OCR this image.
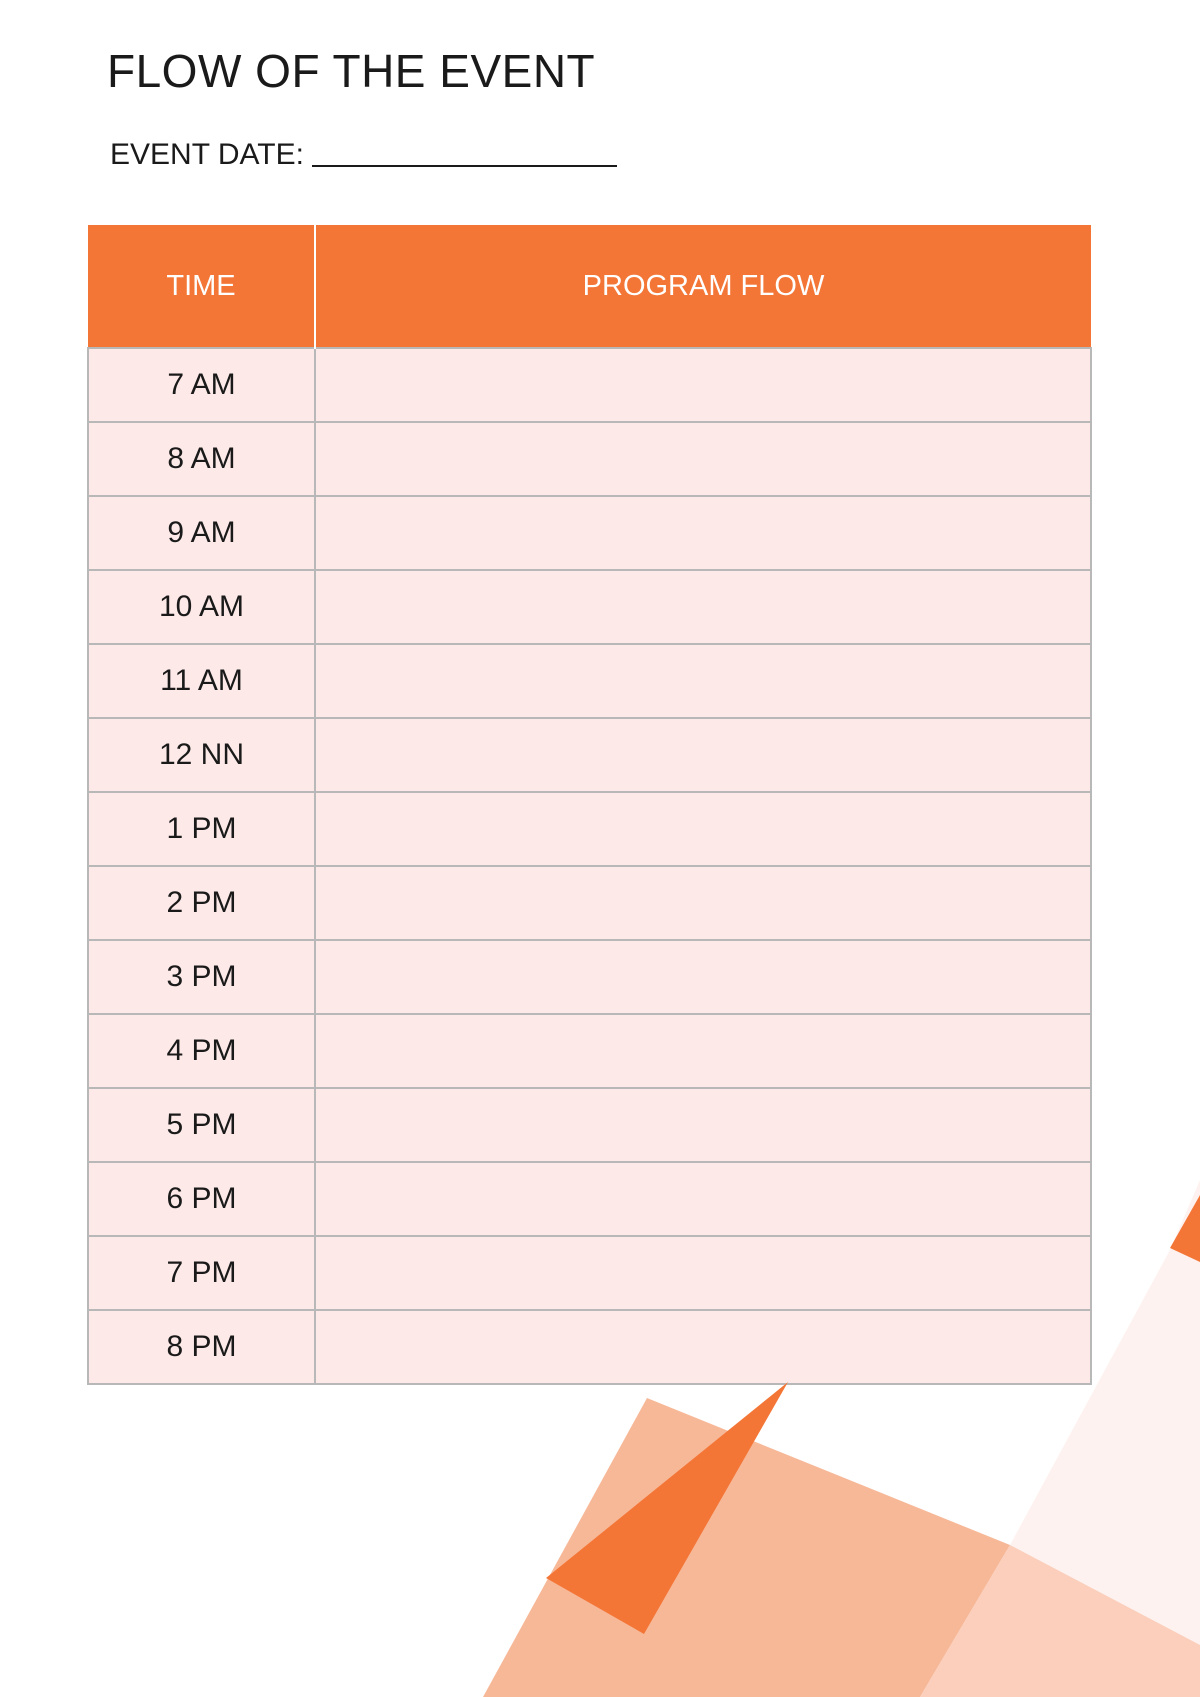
FLOW OF THE EVENT
EVENT DATE:
TIME	PROGRAM FLOW
7 AM	
8 AM	
9 AM	
10 AM	
11 AM	
12 NN	
1 PM	
2 PM	
3 PM	
4 PM	
5 PM	
6 PM	
7 PM	
8 PM	
